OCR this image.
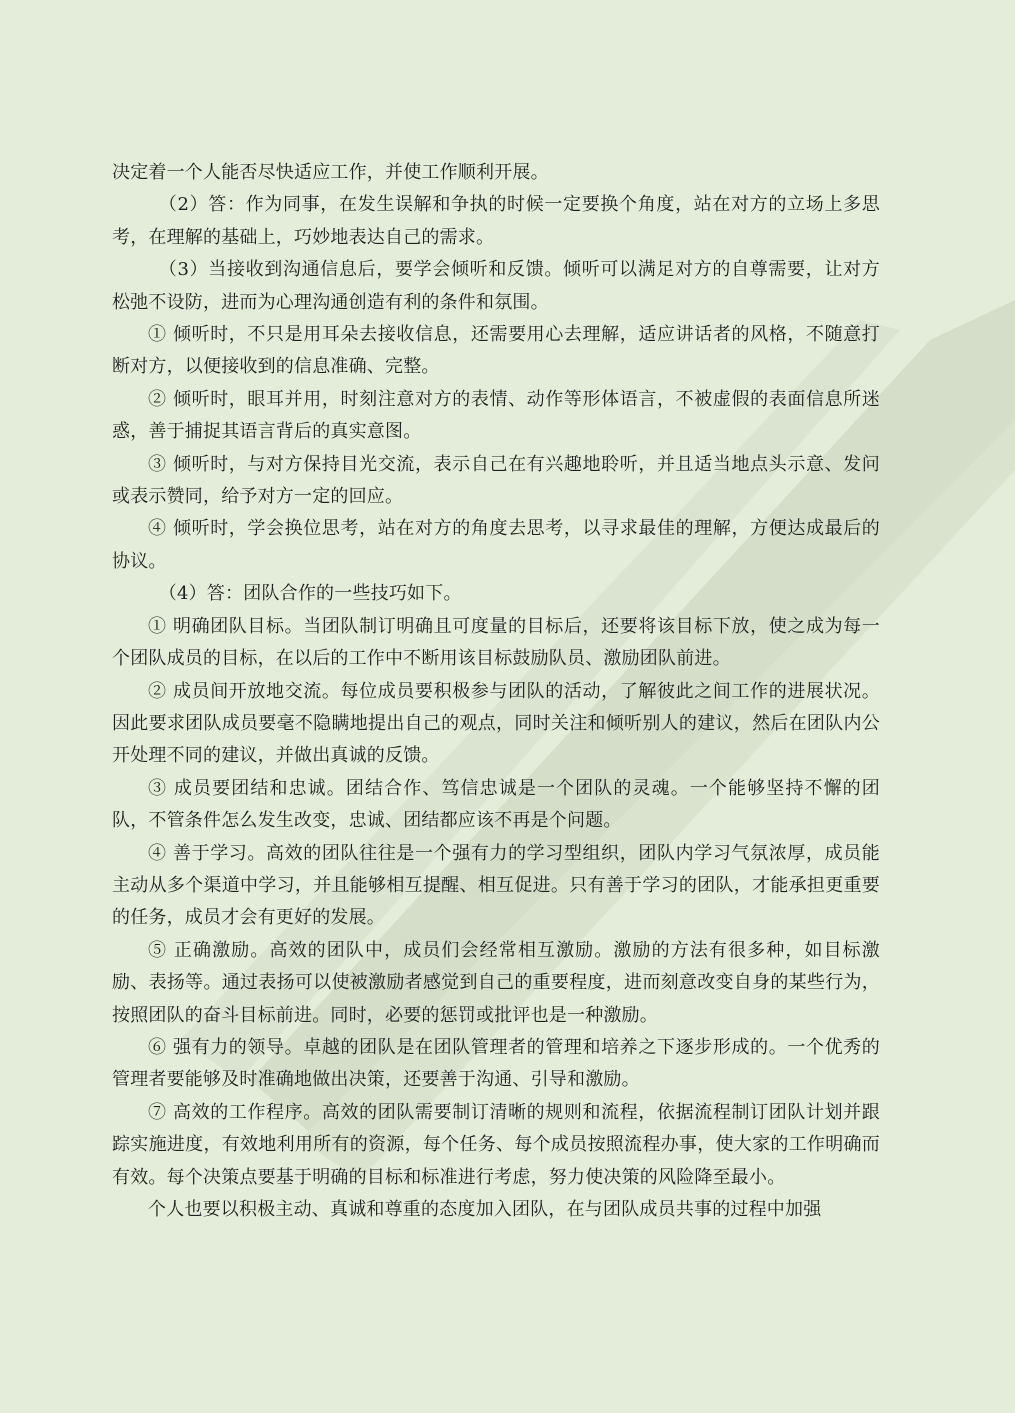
决定着一个人能否尽快适应工作，并使工作顺利开展。

（2）答：作为同事，在发生误解和争执的时候一定要换个角度，站在对方的立场上多思考，在理解的基础上，巧妙地表达自己的需求。

（3）当接收到沟通信息后，要学会倾听和反馈。倾听可以满足对方的自尊需要，让对方松弛不设防，进而为心理沟通创造有利的条件和氛围。

① 倾听时，不只是用耳朵去接收信息，还需要用心去理解，适应讲话者的风格，不随意打断对方，以便接收到的信息准确、完整。

② 倾听时，眼耳并用，时刻注意对方的表情、动作等形体语言，不被虚假的表面信息所迷惑，善于捕捉其语言背后的真实意图。

③ 倾听时，与对方保持目光交流，表示自己在有兴趣地聆听，并且适当地点头示意、发问或表示赞同，给予对方一定的回应。

④ 倾听时，学会换位思考，站在对方的角度去思考，以寻求最佳的理解，方便达成最后的协议。

（4）答：团队合作的一些技巧如下。

① 明确团队目标。当团队制订明确且可度量的目标后，还要将该目标下放，使之成为每一个团队成员的目标，在以后的工作中不断用该目标鼓励队员、激励团队前进。

② 成员间开放地交流。每位成员要积极参与团队的活动，了解彼此之间工作的进展状况。因此要求团队成员要毫不隐瞒地提出自己的观点，同时关注和倾听别人的建议，然后在团队内公开处理不同的建议，并做出真诚的反馈。

③ 成员要团结和忠诚。团结合作、笃信忠诚是一个团队的灵魂。一个能够坚持不懈的团队，不管条件怎么发生改变，忠诚、团结都应该不再是个问题。

④ 善于学习。高效的团队往往是一个强有力的学习型组织，团队内学习气氛浓厚，成员能主动从多个渠道中学习，并且能够相互提醒、相互促进。只有善于学习的团队，才能承担更重要的任务，成员才会有更好的发展。

⑤ 正确激励。高效的团队中，成员们会经常相互激励。激励的方法有很多种，如目标激励、表扬等。通过表扬可以使被激励者感觉到自己的重要程度，进而刻意改变自身的某些行为，按照团队的奋斗目标前进。同时，必要的惩罚或批评也是一种激励。

⑥ 强有力的领导。卓越的团队是在团队管理者的管理和培养之下逐步形成的。一个优秀的管理者要能够及时准确地做出决策，还要善于沟通、引导和激励。

⑦ 高效的工作程序。高效的团队需要制订清晰的规则和流程，依据流程制订团队计划并跟踪实施进度，有效地利用所有的资源，每个任务、每个成员按照流程办事，使大家的工作明确而有效。每个决策点要基于明确的目标和标准进行考虑，努力使决策的风险降至最小。

个人也要以积极主动、真诚和尊重的态度加入团队，在与团队成员共事的过程中加强
